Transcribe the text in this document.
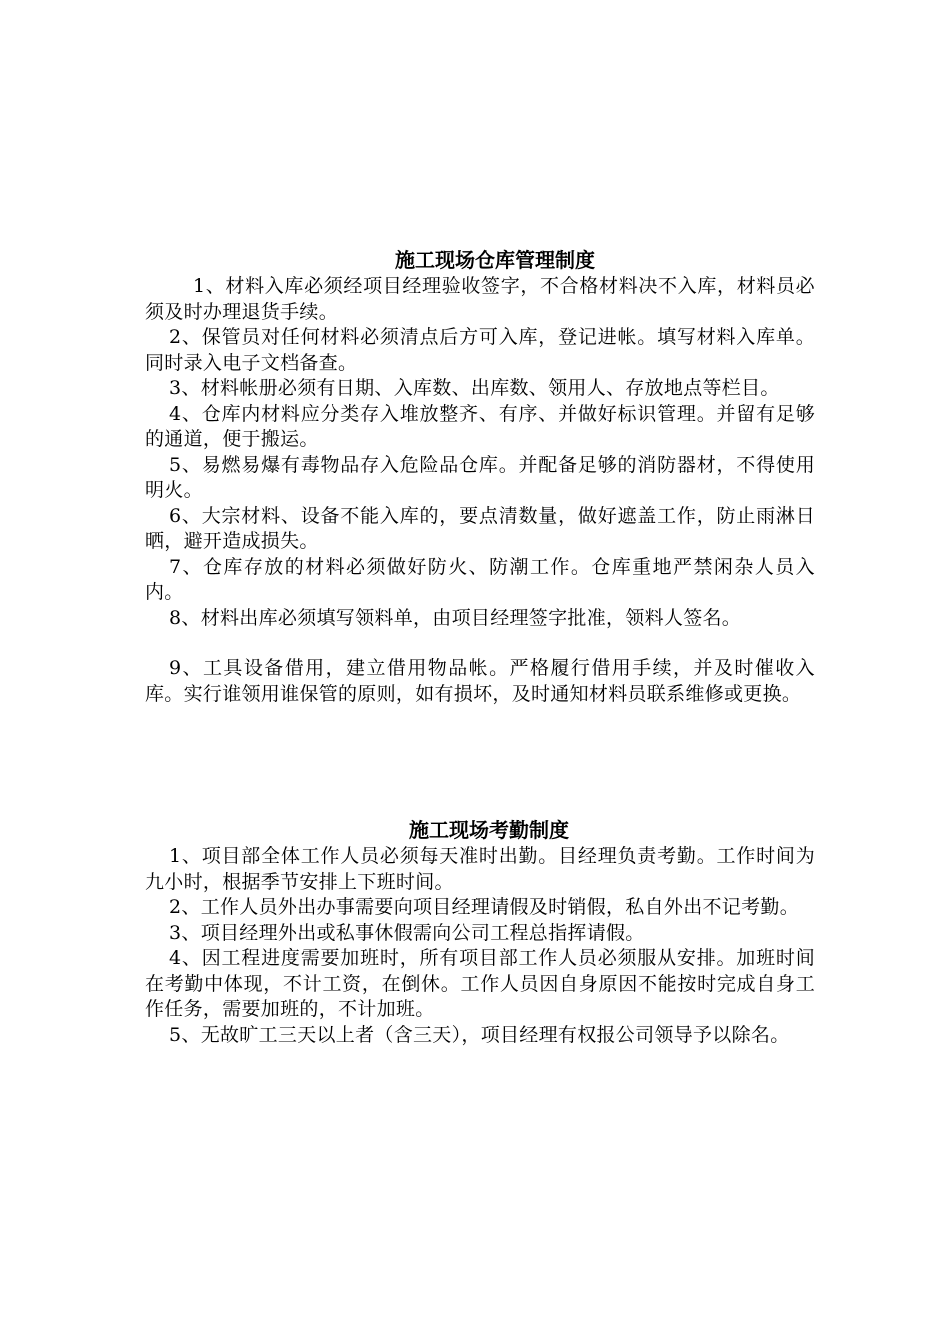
施工现场仓库管理制度

1、材料入库必须经项目经理验收签字，不合格材料决不入库，材料员必须及时办理退货手续。

2、保管员对任何材料必须清点后方可入库，登记进帐。填写材料入库单。同时录入电子文档备查。

3、材料帐册必须有日期、入库数、出库数、领用人、存放地点等栏目。

4、仓库内材料应分类存入堆放整齐、有序、并做好标识管理。并留有足够的通道，便于搬运。

5、易燃易爆有毒物品存入危险品仓库。并配备足够的消防器材，不得使用明火。

6、大宗材料、设备不能入库的，要点清数量，做好遮盖工作，防止雨淋日晒，避开造成损失。

7、仓库存放的材料必须做好防火、防潮工作。仓库重地严禁闲杂人员入内。

8、材料出库必须填写领料单，由项目经理签字批准，领料人签名。

9、工具设备借用，建立借用物品帐。严格履行借用手续，并及时催收入库。实行谁领用谁保管的原则，如有损坏，及时通知材料员联系维修或更换。

施工现场考勤制度

1、项目部全体工作人员必须每天准时出勤。目经理负责考勤。工作时间为九小时，根据季节安排上下班时间。

2、工作人员外出办事需要向项目经理请假及时销假，私自外出不记考勤。

3、项目经理外出或私事休假需向公司工程总指挥请假。

4、因工程进度需要加班时，所有项目部工作人员必须服从安排。加班时间在考勤中体现，不计工资，在倒休。工作人员因自身原因不能按时完成自身工作任务，需要加班的，不计加班。

5、无故旷工三天以上者（含三天），项目经理有权报公司领导予以除名。
